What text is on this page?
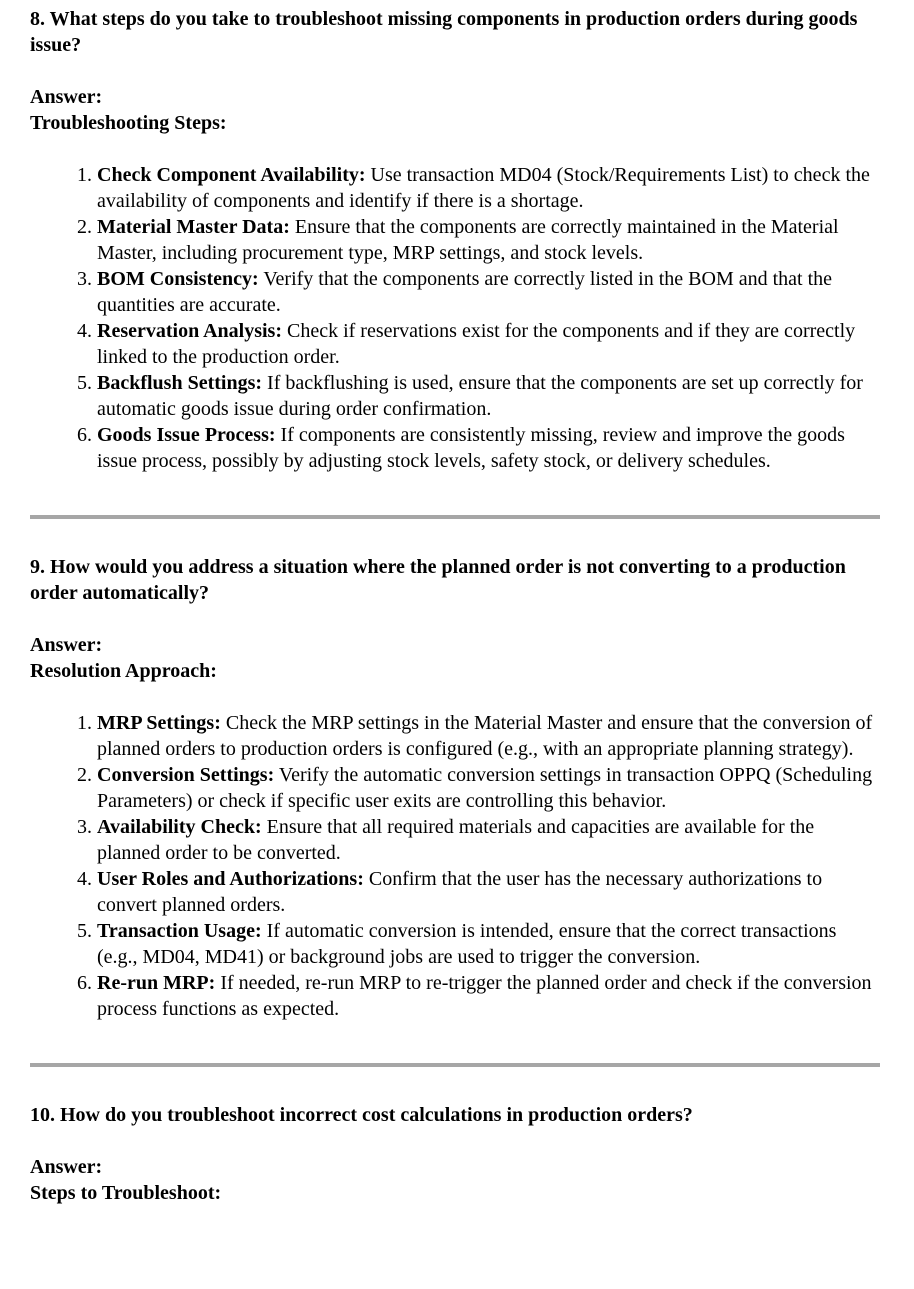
8. What steps do you take to troubleshoot missing components in production orders during goods issue?

Answer:

Troubleshooting Steps:

1. Check Component Availability: Use transaction MD04 (Stock/Requirements List) to check the availability of components and identify if there is a shortage.
2. Material Master Data: Ensure that the components are correctly maintained in the Material Master, including procurement type, MRP settings, and stock levels.
3. BOM Consistency: Verify that the components are correctly listed in the BOM and that the quantities are accurate.
4. Reservation Analysis: Check if reservations exist for the components and if they are correctly linked to the production order.
5. Backflush Settings: If backflushing is used, ensure that the components are set up correctly for automatic goods issue during order confirmation.
6. Goods Issue Process: If components are consistently missing, review and improve the goods issue process, possibly by adjusting stock levels, safety stock, or delivery schedules.
9. How would you address a situation where the planned order is not converting to a production order automatically?

Answer:

Resolution Approach:

1. MRP Settings: Check the MRP settings in the Material Master and ensure that the conversion of planned orders to production orders is configured (e.g., with an appropriate planning strategy).
2. Conversion Settings: Verify the automatic conversion settings in transaction OPPQ (Scheduling Parameters) or check if specific user exits are controlling this behavior.
3. Availability Check: Ensure that all required materials and capacities are available for the planned order to be converted.
4. User Roles and Authorizations: Confirm that the user has the necessary authorizations to convert planned orders.
5. Transaction Usage: If automatic conversion is intended, ensure that the correct transactions (e.g., MD04, MD41) or background jobs are used to trigger the conversion.
6. Re-run MRP: If needed, re-run MRP to re-trigger the planned order and check if the conversion process functions as expected.
10. How do you troubleshoot incorrect cost calculations in production orders?

Answer:

Steps to Troubleshoot:
